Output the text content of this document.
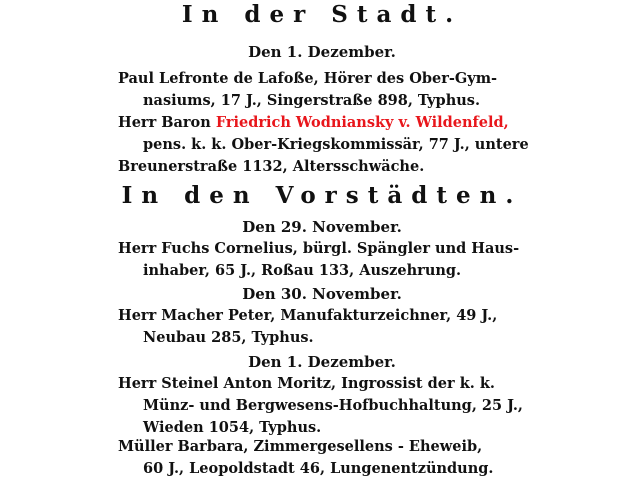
In der Stadt.
Den 1. Dezember.
Paul Lefronte de Lafoße, Hörer des Ober-Gym-
nasiums, 17 J., Singerstraße 898, Typhus.
Herr Baron Friedrich Wodniansky v. Wildenfeld,
pens. k. k. Ober-Kriegskommissär, 77 J., untere
Breunerstraße 1132, Altersschwäche.
In den Vorstädten.
Den 29. November.
Herr Fuchs Cornelius, bürgl. Spängler und Haus-
inhaber, 65 J., Roßau 133, Auszehrung.
Den 30. November.
Herr Macher Peter, Manufakturzeichner, 49 J.,
Neubau 285, Typhus.
Den 1. Dezember.
Herr Steinel Anton Moritz, Ingrossist der k. k.
Münz- und Bergwesens-Hofbuchhaltung, 25 J.,
Wieden 1054, Typhus.
Müller Barbara, Zimmergesellens - Eheweib,
60 J., Leopoldstadt 46, Lungenentzündung.
